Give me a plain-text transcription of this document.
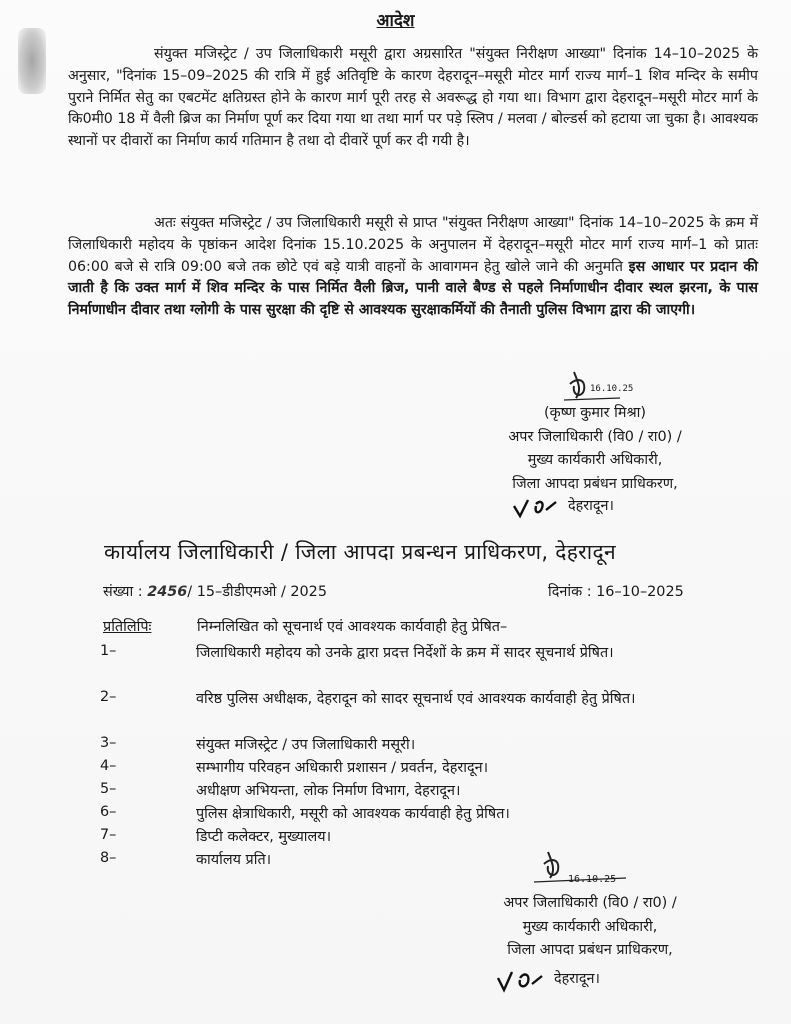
आदेश
संयुक्त मजिस्ट्रेट / उप जिलाधिकारी मसूरी द्वारा अग्रसारित "संयुक्त निरीक्षण आख्या" दिनांक 14–10–2025 के अनुसार, "दिनांक 15–09–2025 की रात्रि में हुई अतिवृष्टि के कारण देहरादून–मसूरी मोटर मार्ग राज्य मार्ग–1 शिव मन्दिर के समीप पुराने निर्मित सेतु का एबटमेंट क्षतिग्रस्त होने के कारण मार्ग पूरी तरह से अवरूद्ध हो गया था। विभाग द्वारा देहरादून–मसूरी मोटर मार्ग के कि0मी0 18 में वैली ब्रिज का निर्माण पूर्ण कर दिया गया था तथा मार्ग पर पड़े स्लिप / मलवा / बोल्डर्स को हटाया जा चुका है। आवश्यक स्थानों पर दीवारों का निर्माण कार्य गतिमान है तथा दो दीवारें पूर्ण कर दी गयी है।
अतः संयुक्त मजिस्ट्रेट / उप जिलाधिकारी मसूरी से प्राप्त "संयुक्त निरीक्षण आख्या" दिनांक 14–10–2025 के क्रम में जिलाधिकारी महोदय के पृष्ठांकन आदेश दिनांक 15.10.2025 के अनुपालन में देहरादून–मसूरी मोटर मार्ग राज्य मार्ग–1 को प्रातः 06:00 बजे से रात्रि 09:00 बजे तक छोटे एवं बड़े यात्री वाहनों के आवागमन हेतु खोले जाने की अनुमति इस आधार पर प्रदान की जाती है कि उक्त मार्ग में शिव मन्दिर के पास निर्मित वैली ब्रिज, पानी वाले बैण्ड से पहले निर्माणाधीन दीवार स्थल झरना, के पास निर्माणाधीन दीवार तथा ग्लोगी के पास सुरक्षा की दृष्टि से आवश्यक सुरक्षाकर्मियों की तैनाती पुलिस विभाग द्वारा की जाएगी।
16.10.25
(कृष्ण कुमार मिश्रा)
अपर जिलाधिकारी (वि0 / रा0) /
मुख्य कार्यकारी अधिकारी,
जिला आपदा प्रबंधन प्राधिकरण,
देहरादून।
कार्यालय जिलाधिकारी / जिला आपदा प्रबन्धन प्राधिकरण, देहरादून
संख्या : 2456/ 15–डीडीएमओ / 2025	दिनांक : 16–10–2025
प्रतिलिपिः	निम्नलिखित को सूचनार्थ एवं आवश्यक कार्यवाही हेतु प्रेषित–
1–	जिलाधिकारी महोदय को उनके द्वारा प्रदत्त निर्देशों के क्रम में सादर सूचनार्थ प्रेषित।
2–	वरिष्ठ पुलिस अधीक्षक, देहरादून को सादर सूचनार्थ एवं आवश्यक कार्यवाही हेतु प्रेषित।
3–	संयुक्त मजिस्ट्रेट / उप जिलाधिकारी मसूरी।
4–	सम्भागीय परिवहन अधिकारी प्रशासन / प्रवर्तन, देहरादून।
5–	अधीक्षण अभियन्ता, लोक निर्माण विभाग, देहरादून।
6–	पुलिस क्षेत्राधिकारी, मसूरी को आवश्यक कार्यवाही हेतु प्रेषित।
7–	डिप्टी कलेक्टर, मुख्यालय।
8–	कार्यालय प्रति।
16.10.25
अपर जिलाधिकारी (वि0 / रा0) /
मुख्य कार्यकारी अधिकारी,
जिला आपदा प्रबंधन प्राधिकरण,
देहरादून।
